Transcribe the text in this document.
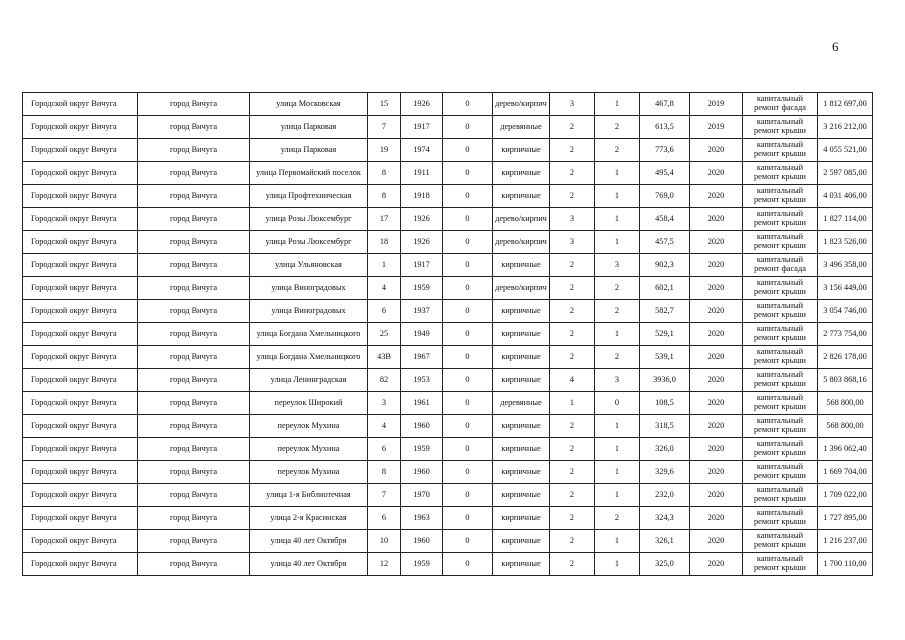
6
Городской округ Вичуга	город Вичуга	улица Московская	15	1926	0	дерево/кирпич	3	1	467,8	2019	капитальный ремонт фасада	1 812 697,00
Городской округ Вичуга	город Вичуга	улица Парковая	7	1917	0	деревянные	2	2	613,5	2019	капитальный ремонт крыши	3 216 212,00
Городской округ Вичуга	город Вичуга	улица Парковая	19	1974	0	кирпичные	2	2	773,6	2020	капитальный ремонт крыши	4 055 521,00
Городской округ Вичуга	город Вичуга	улица Первомайский поселок	8	1911	0	кирпичные	2	1	495,4	2020	капитальный ремонт крыши	2 597 085,00
Городской округ Вичуга	город Вичуга	улица Профтехническая	8	1918	0	кирпичные	2	1	769,0	2020	капитальный ремонт крыши	4 031 406,00
Городской округ Вичуга	город Вичуга	улица Розы Люксембург	17	1926	0	дерево/кирпич	3	1	458,4	2020	капитальный ремонт крыши	1 827 114,00
Городской округ Вичуга	город Вичуга	улица Розы Люксембург	18	1926	0	дерево/кирпич	3	1	457,5	2020	капитальный ремонт крыши	1 823 526,00
Городской округ Вичуга	город Вичуга	улица Ульяновская	1	1917	0	кирпичные	2	3	902,3	2020	капитальный ремонт фасада	3 496 358,00
Городской округ Вичуга	город Вичуга	улица Виноградовых	4	1959	0	дерево/кирпич	2	2	602,1	2020	капитальный ремонт крыши	3 156 449,00
Городской округ Вичуга	город Вичуга	улица Виноградовых	6	1937	0	кирпичные	2	2	582,7	2020	капитальный ремонт крыши	3 054 746,00
Городской округ Вичуга	город Вичуга	улица Богдана Хмельницкого	25	1949	0	кирпичные	2	1	529,1	2020	капитальный ремонт крыши	2 773 754,00
Городской округ Вичуга	город Вичуга	улица Богдана Хмельницкого	43В	1967	0	кирпичные	2	2	539,1	2020	капитальный ремонт крыши	2 826 178,00
Городской округ Вичуга	город Вичуга	улица Ленинградская	82	1953	0	кирпичные	4	3	3936,0	2020	капитальный ремонт крыши	5 803 868,16
Городской округ Вичуга	город Вичуга	переулок Широкий	3	1961	0	деревянные	1	0	108,5	2020	капитальный ремонт крыши	568 800,00
Городской округ Вичуга	город Вичуга	переулок Мухина	4	1960	0	кирпичные	2	1	318,5	2020	капитальный ремонт крыши	568 800,00
Городской округ Вичуга	город Вичуга	переулок Мухина	6	1959	0	кирпичные	2	1	326,0	2020	капитальный ремонт крыши	1 396 062,40
Городской округ Вичуга	город Вичуга	переулок Мухина	8	1960	0	кирпичные	2	1	329,6	2020	капитальный ремонт крыши	1 669 704,00
Городской округ Вичуга	город Вичуга	улица 1-я Библиотечная	7	1970	0	кирпичные	2	1	232,0	2020	капитальный ремонт крыши	1 709 022,00
Городской округ Вичуга	город Вичуга	улица 2-я Красинская	6	1963	0	кирпичные	2	2	324,3	2020	капитальный ремонт крыши	1 727 895,00
Городской округ Вичуга	город Вичуга	улица 40 лет Октября	10	1960	0	кирпичные	2	1	326,1	2020	капитальный ремонт крыши	1 216 237,00
Городской округ Вичуга	город Вичуга	улица 40 лет Октября	12	1959	0	кирпичные	2	1	325,0	2020	капитальный ремонт крыши	1 700 110,00
